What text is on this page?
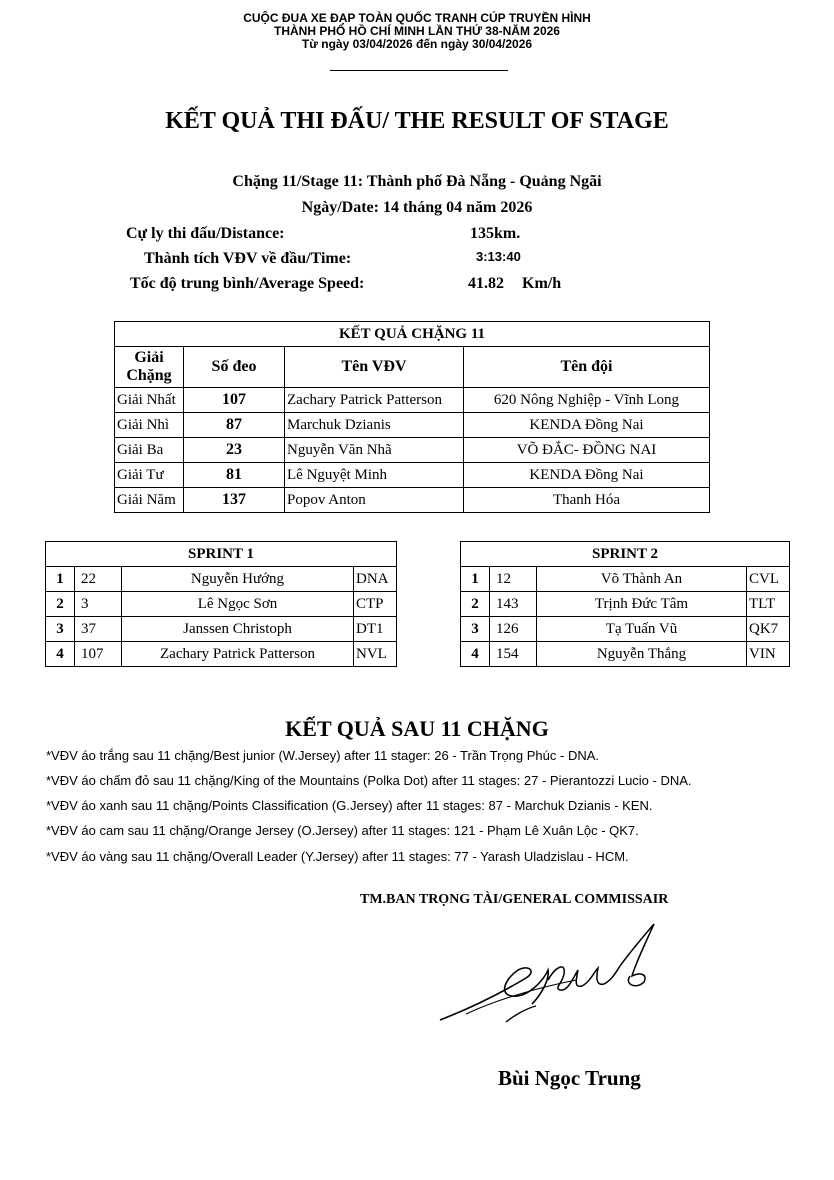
CUỘC ĐUA XE ĐẠP TOÀN QUỐC TRANH CÚP TRUYỀN HÌNH
THÀNH PHỐ HỒ CHÍ MINH LẦN THỨ 38-NĂM 2026
Từ ngày 03/04/2026 đến ngày 30/04/2026
KẾT QUẢ THI ĐẤU/ THE RESULT OF STAGE
Chặng 11/Stage 11: Thành phố Đà Nẵng - Quảng Ngãi
Ngày/Date: 14 tháng 04 năm 2026
Cự ly thi đấu/Distance:	135km.
Thành tích VĐV về đầu/Time:	3:13:40
Tốc độ trung bình/Average Speed:	41.82 Km/h
KẾT QUẢ CHẶNG 11			

Giải Chặng	Số đeo	Tên VĐV	Tên đội
Giải Nhất	107	Zachary Patrick Patterson	620 Nông Nghiệp - Vĩnh Long
Giải Nhì	87	Marchuk Dzianis	KENDA Đồng Nai
Giải Ba	23	Nguyễn Văn Nhã	VÕ ĐẮC- ĐỒNG NAI
Giải Tư	81	Lê Nguyệt Minh	KENDA Đồng Nai
Giải Năm	137	Popov Anton	Thanh Hóa
SPRINT 1			
1	22	Nguyễn Hướng	DNA
2	3	Lê Ngọc Sơn	CTP
3	37	Janssen Christoph	DT1
4	107	Zachary Patrick Patterson	NVL
SPRINT 2			
1	12	Võ Thành An	CVL
2	143	Trịnh Đức Tâm	TLT
3	126	Tạ Tuấn Vũ	QK7
4	154	Nguyễn Thắng	VIN
KẾT QUẢ SAU 11 CHẶNG
*VĐV áo trắng sau 11 chặng/Best junior (W.Jersey) after 11 stager: 26 - Trần Trọng Phúc - DNA.
*VĐV áo chấm đỏ sau 11 chặng/King of the Mountains (Polka Dot) after 11 stages: 27 - Pierantozzi Lucio - DNA.
*VĐV áo xanh sau 11 chặng/Points Classification (G.Jersey) after 11 stages: 87 - Marchuk Dzianis - KEN.
*VĐV áo cam sau 11 chặng/Orange Jersey (O.Jersey) after 11 stages: 121 - Phạm Lê Xuân Lộc - QK7.
*VĐV áo vàng sau 11 chặng/Overall Leader (Y.Jersey) after 11 stages: 77 - Yarash Uladzislau - HCM.
TM.BAN TRỌNG TÀI/GENERAL COMMISSAIR
Bùi Ngọc Trung
